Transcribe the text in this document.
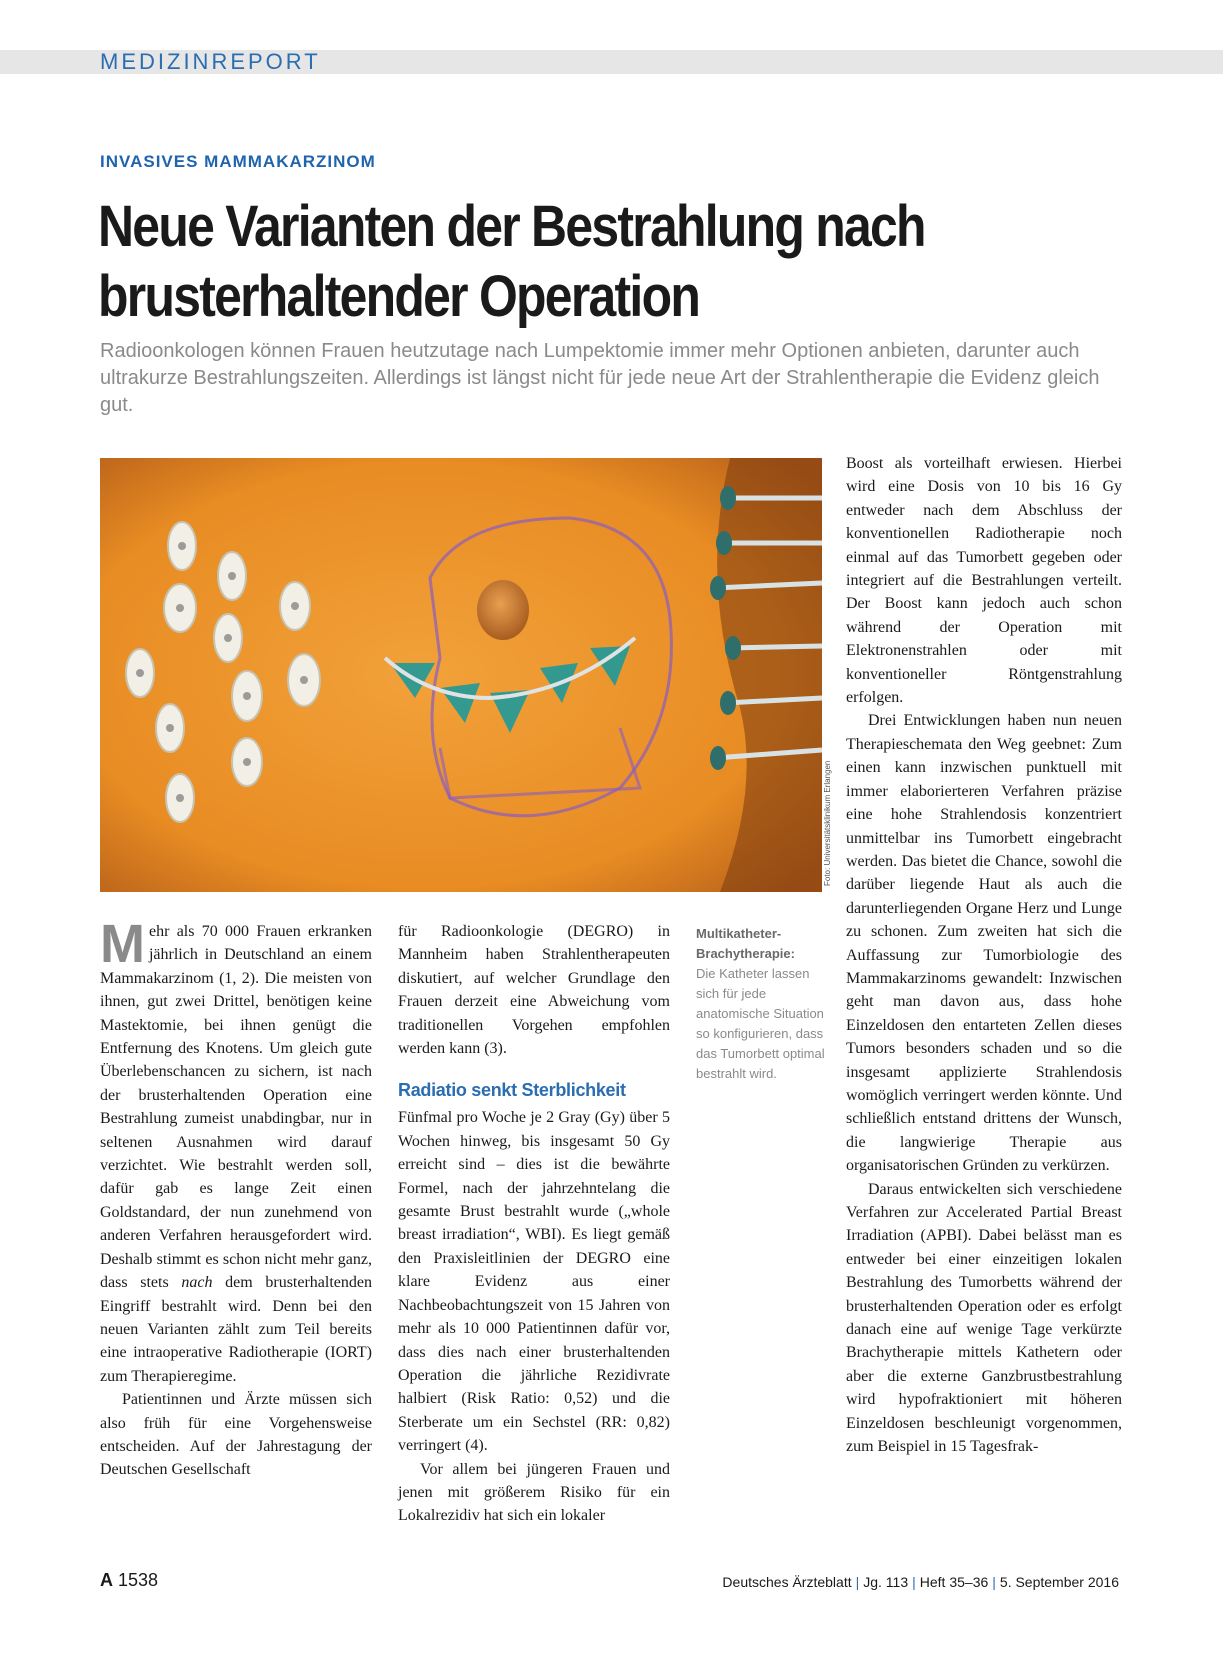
MEDIZINREPORT
INVASIVES MAMMAKARZINOM
Neue Varianten der Bestrahlung nach
brusterhaltender Operation
Radioonkologen können Frauen heutzutage nach Lumpektomie immer mehr Optionen anbieten, darunter auch ultrakurze Bestrahlungszeiten. Allerdings ist längst nicht für jede neue Art der Strahlentherapie die Evidenz gleich gut.
Foto: Universitätsklinikum Erlangen

Mehr als 70 000 Frauen erkranken jährlich in Deutschland an einem Mammakarzinom (1, 2). Die meisten von ihnen, gut zwei Drittel, benötigen keine Mastektomie, bei ihnen genügt die Entfernung des Knotens. Um gleich gute Überlebenschancen zu sichern, ist nach der brusterhaltenden Operation eine Bestrahlung zumeist unabdingbar, nur in seltenen Ausnahmen wird darauf verzichtet. Wie bestrahlt werden soll, dafür gab es lange Zeit einen Goldstandard, der nun zunehmend von anderen Verfahren herausgefordert wird. Deshalb stimmt es schon nicht mehr ganz, dass stets nach dem brusterhaltenden Eingriff bestrahlt wird. Denn bei den neuen Varianten zählt zum Teil bereits eine intraoperative Radiotherapie (IORT) zum Therapieregime.

Patientinnen und Ärzte müssen sich also früh für eine Vorgehensweise entscheiden. Auf der Jahrestagung der Deutschen Gesellschaft

für Radioonkologie (DEGRO) in Mannheim haben Strahlentherapeuten diskutiert, auf welcher Grundlage den Frauen derzeit eine Abweichung vom traditionellen Vorgehen empfohlen werden kann (3).

Radiatio senkt Sterblichkeit

Fünfmal pro Woche je 2 Gray (Gy) über 5 Wochen hinweg, bis insgesamt 50 Gy erreicht sind – dies ist die bewährte Formel, nach der jahrzehntelang die gesamte Brust bestrahlt wurde („whole breast irradiation“, WBI). Es liegt gemäß den Praxisleitlinien der DEGRO eine klare Evidenz aus einer Nachbeobachtungszeit von 15 Jahren von mehr als 10 000 Patientinnen dafür vor, dass dies nach einer brusterhaltenden Operation die jährliche Rezidivrate halbiert (Risk Ratio: 0,52) und die Sterberate um ein Sechstel (RR: 0,82) verringert (4).

Vor allem bei jüngeren Frauen und jenen mit größerem Risiko für ein Lokalrezidiv hat sich ein lokaler

Multikatheter-Brachytherapie:
Die Katheter lassen sich für jede anatomische Situation so konfigurieren, dass das Tumorbett optimal bestrahlt wird.

Boost als vorteilhaft erwiesen. Hierbei wird eine Dosis von 10 bis 16 Gy entweder nach dem Abschluss der konventionellen Radiotherapie noch einmal auf das Tumorbett gegeben oder integriert auf die Bestrahlungen verteilt. Der Boost kann jedoch auch schon während der Operation mit Elektronenstrahlen oder mit konventioneller Röntgenstrahlung erfolgen.

Drei Entwicklungen haben nun neuen Therapieschemata den Weg geebnet: Zum einen kann inzwischen punktuell mit immer elaborierteren Verfahren präzise eine hohe Strahlendosis konzentriert unmittelbar ins Tumorbett eingebracht werden. Das bietet die Chance, sowohl die darüber liegende Haut als auch die darunterliegenden Organe Herz und Lunge zu schonen. Zum zweiten hat sich die Auffassung zur Tumorbiologie des Mammakarzinoms gewandelt: Inzwischen geht man davon aus, dass hohe Einzeldosen den entarteten Zellen dieses Tumors besonders schaden und so die insgesamt applizierte Strahlendosis womöglich verringert werden könnte. Und schließlich entstand drittens der Wunsch, die langwierige Therapie aus organisatorischen Gründen zu verkürzen.

Daraus entwickelten sich verschiedene Verfahren zur Accelerated Partial Breast Irradiation (APBI). Dabei belässt man es entweder bei einer einzeitigen lokalen Bestrahlung des Tumorbetts während der brusterhaltenden Operation oder es erfolgt danach eine auf wenige Tage verkürzte Brachytherapie mittels Kathetern oder aber die externe Ganzbrustbestrahlung wird hypofraktioniert mit höheren Einzeldosen beschleunigt vorgenommen, zum Beispiel in 15 Tagesfrak-

A 1538	Deutsches Ärzteblatt | Jg. 113 | Heft 35–36 | 5. September 2016
